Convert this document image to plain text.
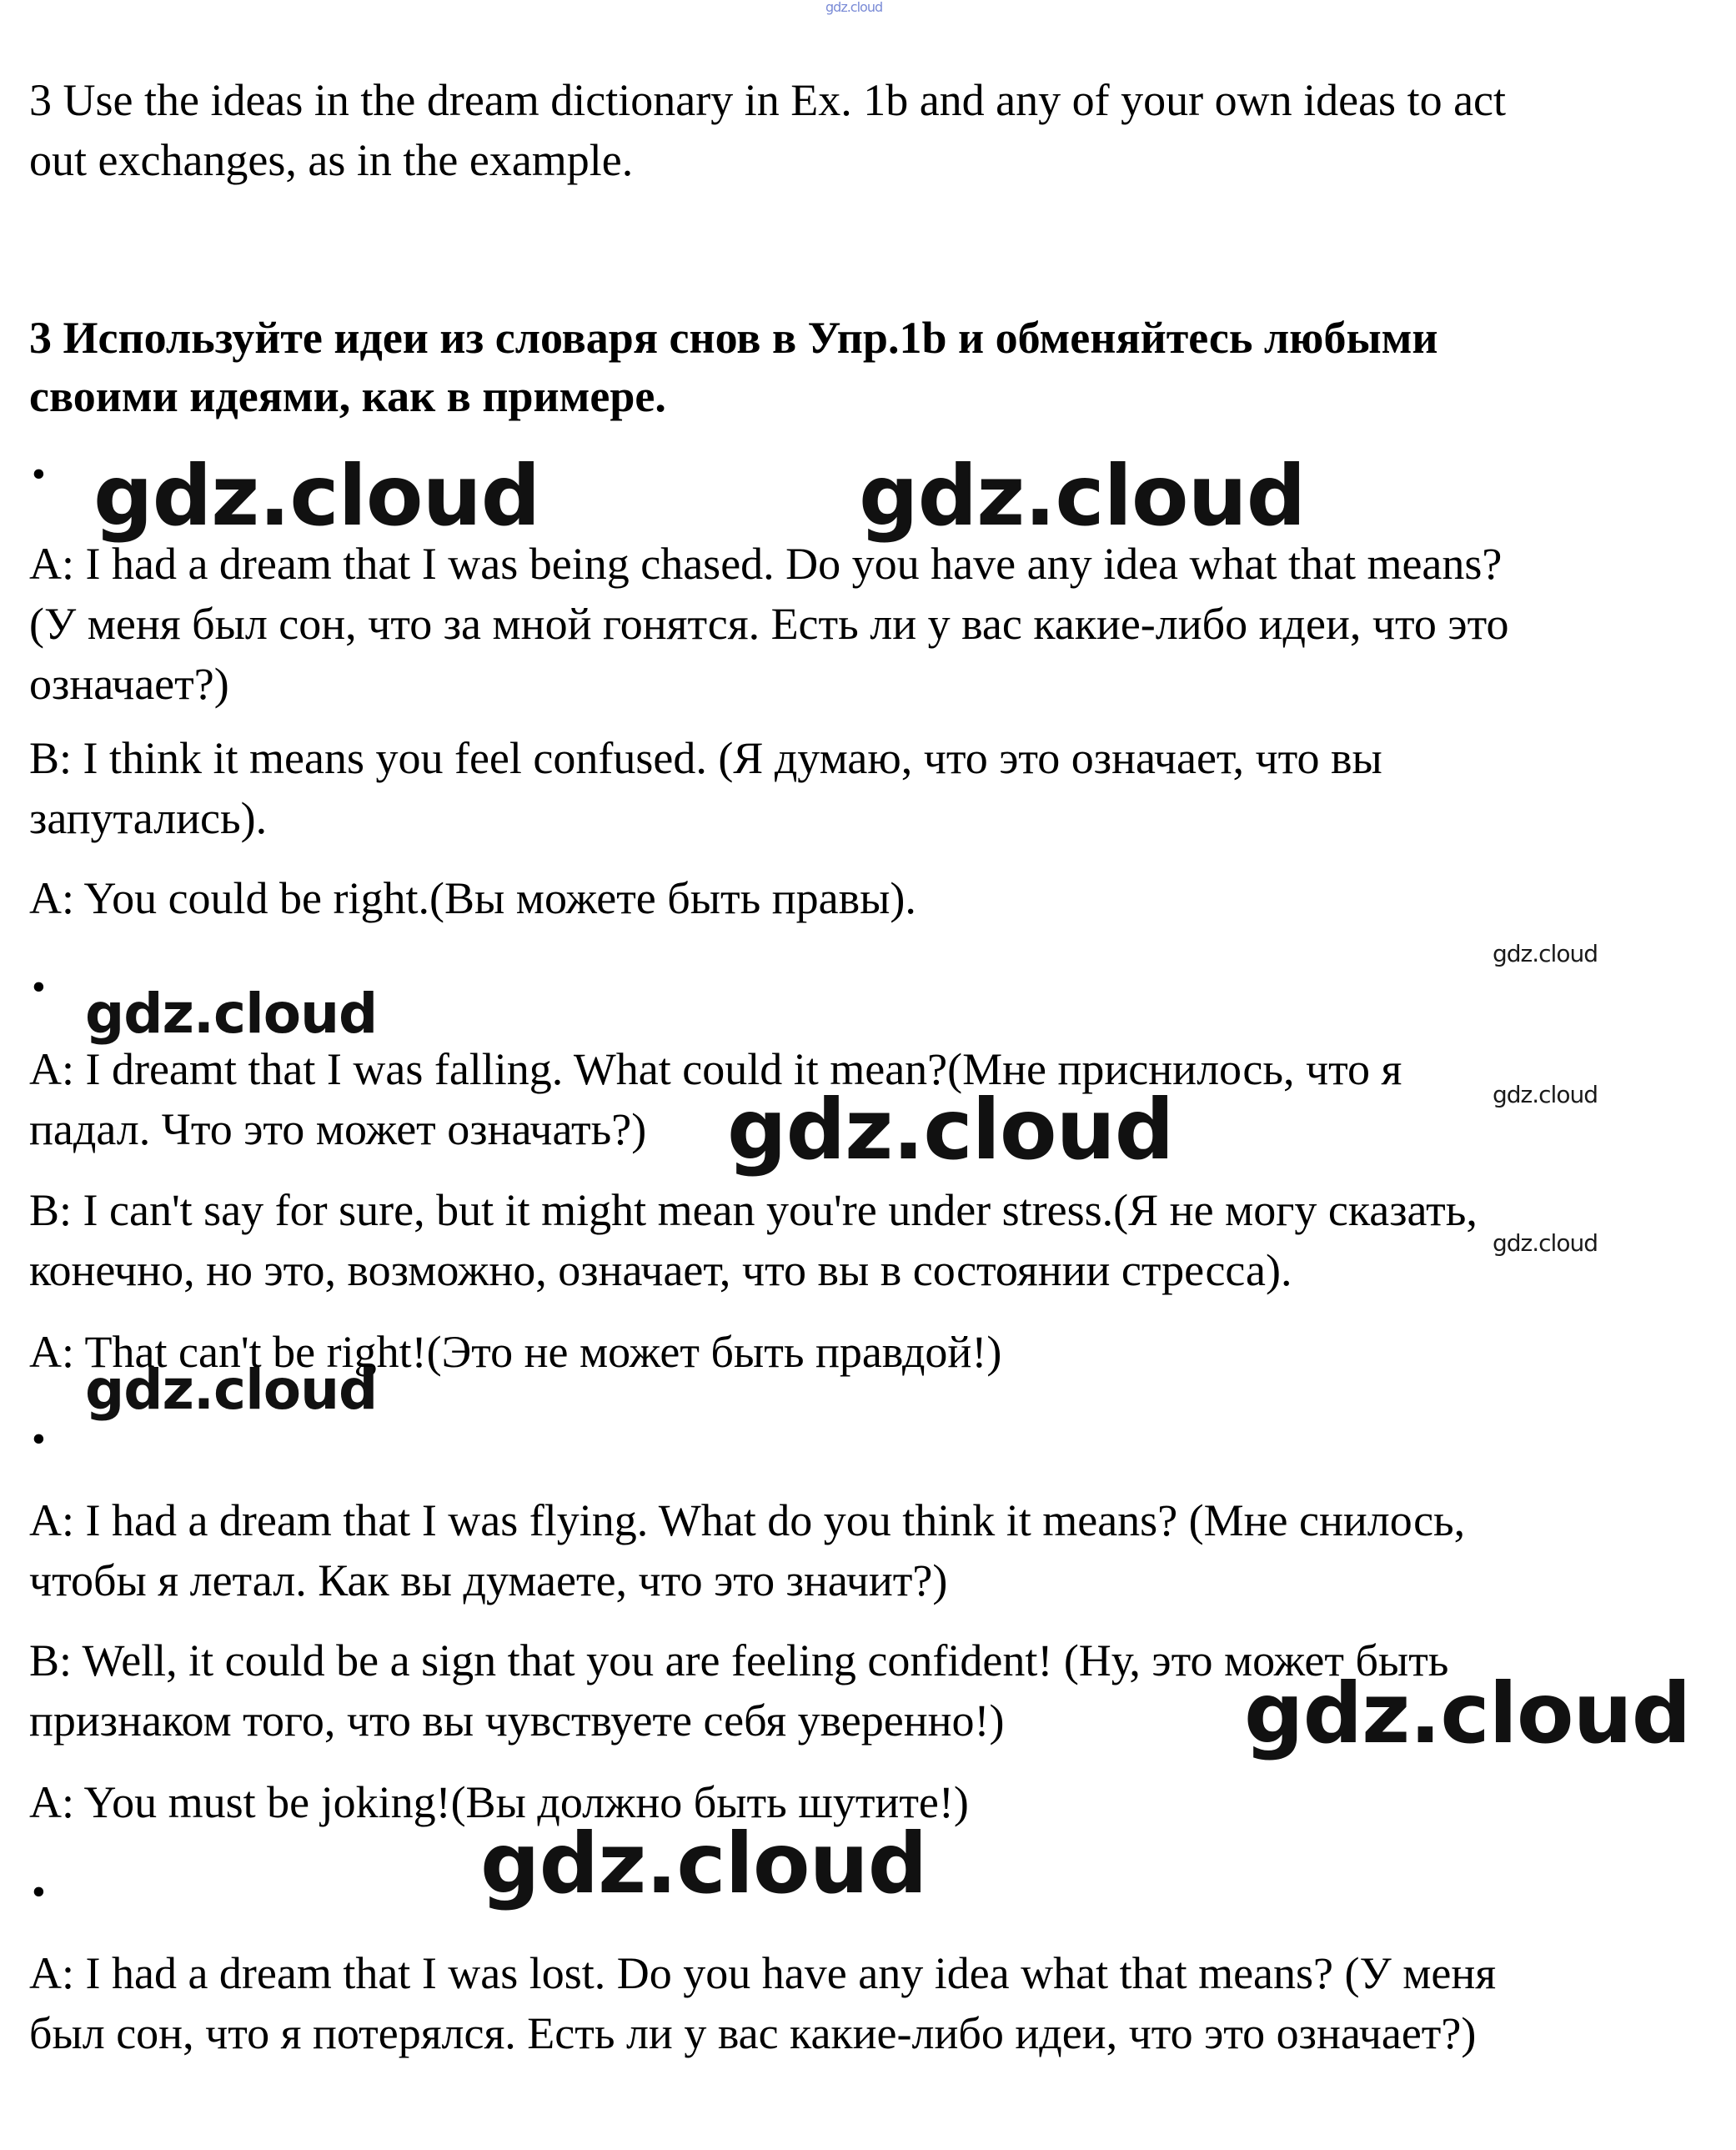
gdz.cloud

3 Use the ideas in the dream dictionary in Ex. 1b and any of your own ideas to act
out exchanges, as in the example.

3 Используйте идеи из словаря снов в Упр.1b и обменяйтесь любыми
своими идеями, как в примере.

•

A: I had a dream that I was being chased. Do you have any idea what that means?
(У меня был сон, что за мной гонятся. Есть ли у вас какие-либо идеи, что это
означает?)

B: I think it means you feel confused. (Я думаю, что это означает, что вы
запутались).

A: You could be right.(Вы можете быть правы).

•

A: I dreamt that I was falling. What could it mean?(Мне приснилось, что я
падал. Что это может означать?)

B: I can't say for sure, but it might mean you're under stress.(Я не могу сказать,
конечно, но это, возможно, означает, что вы в состоянии стресса).

A: That can't be right!(Это не может быть правдой!)

•

A: I had a dream that I was flying. What do you think it means? (Мне снилось,
чтобы я летал. Как вы думаете, что это значит?)

B: Well, it could be a sign that you are feeling confident! (Ну, это может быть
признаком того, что вы чувствуете себя уверенно!)

A: You must be joking!(Вы должно быть шутите!)

•

A: I had a dream that I was lost. Do you have any idea what that means? (У меня
был сон, что я потерялся. Есть ли у вас какие-либо идеи, что это означает?)

gdz.cloud	gdz.cloud

gdz.cloud

gdz.cloud

gdz.cloud

gdz.cloud

gdz.cloud

gdz.cloud

gdz.cloud

gdz.cloud
